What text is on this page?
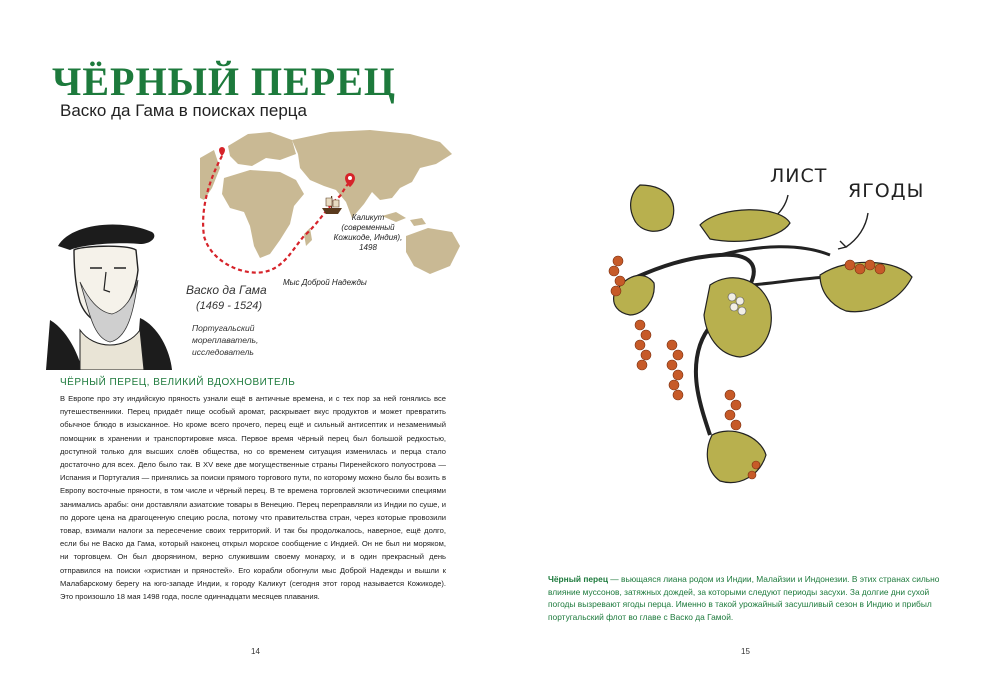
ЧЁРНЫЙ ПЕРЕЦ
Васко да Гама в поисках перца
Каликут (современный Кожикоде, Индия), 1498
Мыс Доброй Надежды
Васко да Гама
(1469 - 1524)
Португальский мореплаватель, исследователь
ЧЁРНЫЙ ПЕРЕЦ, ВЕЛИКИЙ ВДОХНОВИТЕЛЬ

В Европе про эту индийскую пряность узнали ещё в античные времена, и с тех пор за ней гонялись все путешественники. Перец придаёт пище особый аромат, раскрывает вкус продуктов и может превратить обычное блюдо в изысканное. Но кроме всего прочего, перец ещё и сильный антисептик и незаменимый помощник в хранении и транспортировке мяса. Первое время чёрный перец был большой редкостью, доступной только для высших слоёв общества, но со временем ситуация изменилась и перца стало достаточно для всех. Дело было так. В XV веке две могущественные страны Пиренейского полуострова — Испания и Португалия — принялись за поиски прямого торгового пути, по которому можно было бы возить в Европу восточные пряности, в том числе и чёрный перец. В те времена торговлей экзотическими специями занимались арабы: они доставляли азиатские товары в Венецию. Перец переправляли из Индии по суше, и по дороге цена на драгоценную специю росла, потому что правительства стран, через которые провозили товар, взимали налоги за пересечение своих территорий. И так бы продолжалось, наверное, ещё долго, если бы не Васко да Гама, который наконец открыл морское сообщение с Индией. Он не был ни моряком, ни торговцем. Он был дворянином, верно служившим своему монарху, и в один прекрасный день отправился на поиски «христиан и пряностей». Его корабли обогнули мыс Доброй Надежды и вышли к Малабарскому берегу на юго-западе Индии, к городу Каликут (сегодня этот город называется Кожикоде). Это произошло 18 мая 1498 года, после одиннадцати месяцев плавания.

14
ЛИСТ
ЯГОДЫ

Чёрный перец — вьющаяся лиана родом из Индии, Малайзии и Индонезии. В этих странах сильно влияние муссонов, затяжных дождей, за которыми следуют периоды засухи. За долгие дни сухой погоды вызревают ягоды перца. Именно в такой урожайный засушливый сезон в Индию и прибыл португальский флот во главе с Васко да Гамой.

15
